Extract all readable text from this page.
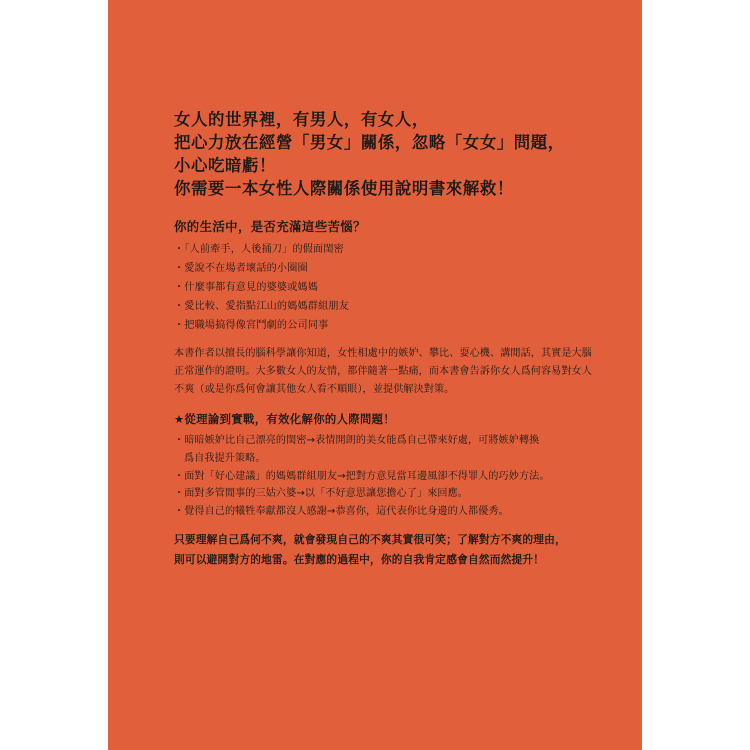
女人的世界裡，有男人，有女人，

把心力放在經營「男女」關係，忽略「女女」問題，

小心吃暗虧！

你需要一本女性人際關係使用說明書來解救！

你的生活中，是否充滿這些苦惱？
・「人前牽手，人後捅刀」的假面閨密
・愛說不在場者壞話的小圈圈
・什麼事都有意見的婆婆或媽媽
・愛比較、愛指點江山的媽媽群組朋友
・把職場搞得像宮鬥劇的公司同事

本書作者以擅長的腦科學讓你知道，女性相處中的嫉妒、攀比、耍心機、講閒話，其實是大腦正常運作的證明。大多數女人的友情，都伴隨著一點痛，而本書會告訴你女人爲何容易對女人不爽（或是你爲何會讓其他女人看不順眼），並提供解決對策。

★從理論到實戰，有效化解你的人際問題！
・暗暗嫉妒比自己漂亮的閨密→表情開朗的美女能爲自己帶來好處，可將嫉妒轉換
爲自我提升策略。
・面對「好心建議」的媽媽群組朋友→把對方意見當耳邊風卻不得罪人的巧妙方法。
・面對多管閒事的三姑六婆→以「不好意思讓您擔心了」來回應。
・覺得自己的犧牲奉獻都沒人感謝→恭喜你，這代表你比身邊的人都優秀。

只要理解自己爲何不爽，就會發現自己的不爽其實很可笑；了解對方不爽的理由，

則可以避開對方的地雷。在對應的過程中，你的自我肯定感會自然而然提升！
